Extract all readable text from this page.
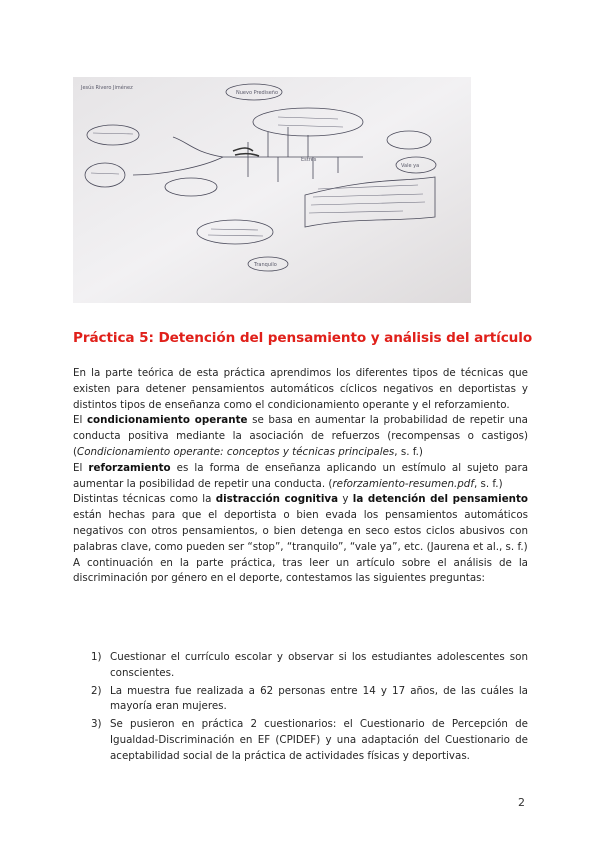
Jesús Rivero Jiménez
Nuevo Prediseño
Estrés
Vale ya
Tranquilo
Práctica 5: Detención del pensamiento y análisis del artículo

En la parte teórica de esta práctica aprendimos los diferentes tipos de técnicas que existen para detener pensamientos automáticos cíclicos negativos en deportistas y distintos tipos de enseñanza como el condicionamiento operante y el reforzamiento.

El condicionamiento operante se basa en aumentar la probabilidad de repetir una conducta positiva mediante la asociación de refuerzos (recompensas o castigos) (Condicionamiento operante: conceptos y técnicas principales, s. f.)

El reforzamiento es la forma de enseñanza aplicando un estímulo al sujeto para aumentar la posibilidad de repetir una conducta. (reforzamiento-resumen.pdf, s. f.)

Distintas técnicas como la distracción cognitiva y la detención del pensamiento están hechas para que el deportista o bien evada los pensamientos automáticos negativos con otros pensamientos, o bien detenga en seco estos ciclos abusivos con palabras clave, como pueden ser “stop”, “tranquilo”, “vale ya”, etc. (Jaurena et al., s. f.)

A continuación en la parte práctica, tras leer un artículo sobre el análisis de la discriminación por género en el deporte, contestamos las siguientes preguntas:

1) Cuestionar el currículo escolar y observar si los estudiantes adolescentes son conscientes.
2) La muestra fue realizada a 62 personas entre 14 y 17 años, de las cuáles la mayoría eran mujeres.
3) Se pusieron en práctica 2 cuestionarios: el Cuestionario de Percepción de Igualdad-Discriminación en EF (CPIDEF) y una adaptación del Cuestionario de aceptabilidad social de la práctica de actividades físicas y deportivas.
2
